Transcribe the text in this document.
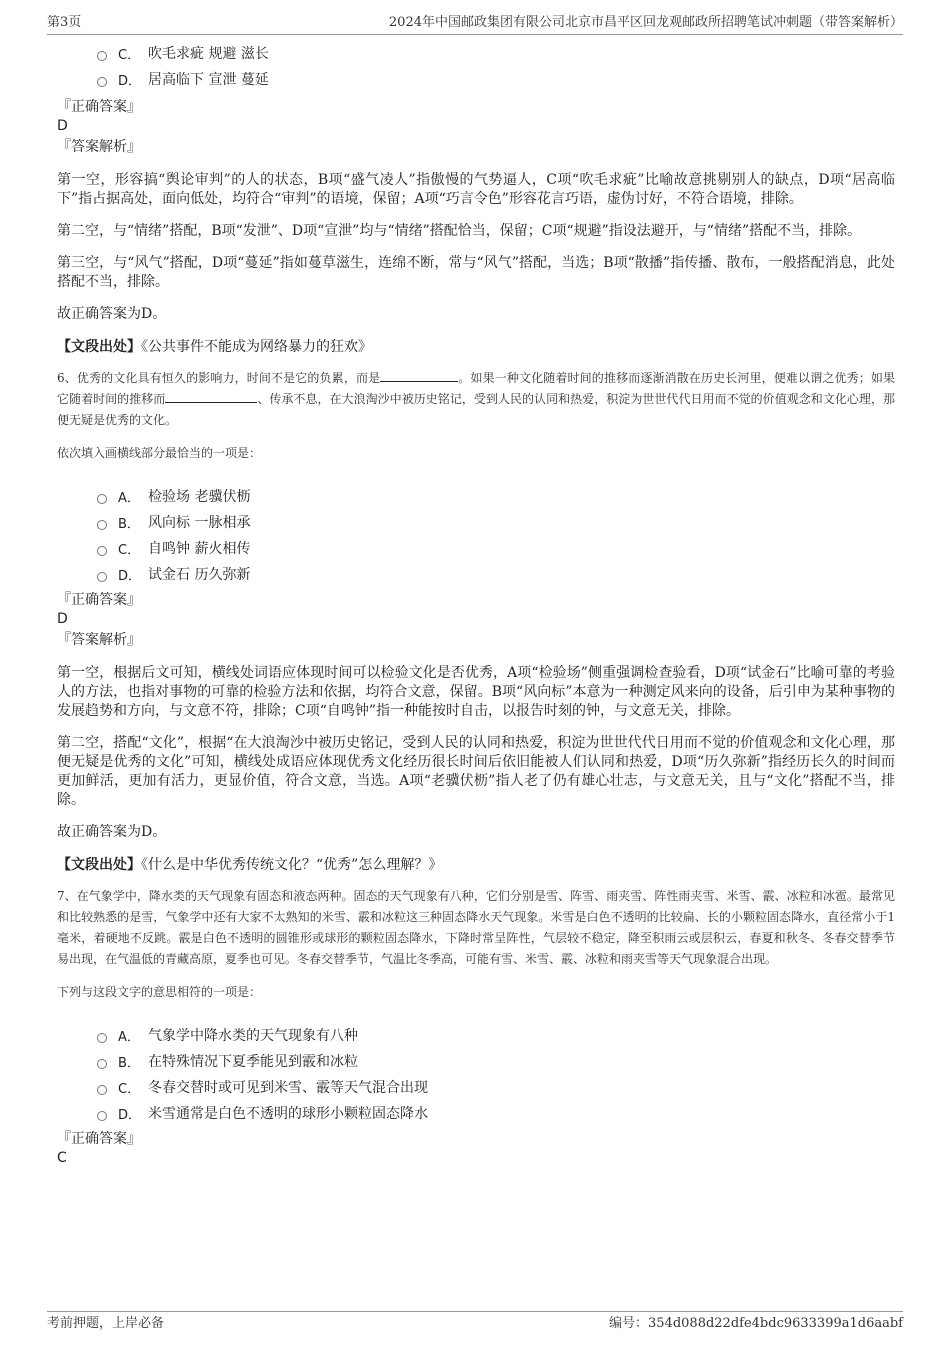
第3页	2024年中国邮政集团有限公司北京市昌平区回龙观邮政所招聘笔试冲刺题（带答案解析）
C． 吹毛求疵 规避 滋长
D． 居高临下 宣泄 蔓延
『正确答案』
D
『答案解析』
第一空，形容搞“舆论审判”的人的状态，B项“盛气凌人”指傲慢的气势逼人，C项“吹毛求疵”比喻故意挑剔别人的缺点，D项“居高临下”指占据高处，面向低处，均符合“审判”的语境，保留；A项“巧言令色”形容花言巧语，虚伪讨好，不符合语境，排除。
第二空，与“情绪”搭配，B项“发泄”、D项“宣泄”均与“情绪”搭配恰当，保留；C项“规避”指设法避开，与“情绪”搭配不当，排除。
第三空，与“风气”搭配，D项“蔓延”指如蔓草滋生，连绵不断，常与“风气”搭配，当选；B项“散播”指传播、散布，一般搭配消息，此处搭配不当，排除。
故正确答案为D。
【文段出处】《公共事件不能成为网络暴力的狂欢》
6、优秀的文化具有恒久的影响力，时间不是它的负累，而是	。如果一种文化随着时间的推移而逐渐消散在历史长河里，便难以谓之优秀；如果它随着时间的推移而	、传承不息，在大浪淘沙中被历史铭记，受到人民的认同和热爱，积淀为世世代代日用而不觉的价值观念和文化心理，那便无疑是优秀的文化。
依次填入画横线部分最恰当的一项是：
A． 检验场 老骥伏枥
B． 风向标 一脉相承
C． 自鸣钟 薪火相传
D． 试金石 历久弥新
『正确答案』
D
『答案解析』
第一空，根据后文可知，横线处词语应体现时间可以检验文化是否优秀，A项“检验场”侧重强调检查验看，D项“试金石”比喻可靠的考验人的方法，也指对事物的可靠的检验方法和依据，均符合文意，保留。B项“风向标”本意为一种测定风来向的设备，后引申为某种事物的发展趋势和方向，与文意不符，排除；C项“自鸣钟”指一种能按时自击，以报告时刻的钟，与文意无关，排除。
第二空，搭配“文化”，根据“在大浪淘沙中被历史铭记，受到人民的认同和热爱，积淀为世世代代日用而不觉的价值观念和文化心理，那便无疑是优秀的文化”可知，横线处成语应体现优秀文化经历很长时间后依旧能被人们认同和热爱，D项“历久弥新”指经历长久的时间而更加鲜活，更加有活力，更显价值，符合文意，当选。A项“老骥伏枥”指人老了仍有雄心壮志，与文意无关，且与“文化”搭配不当，排除。
故正确答案为D。
【文段出处】《什么是中华优秀传统文化？“优秀”怎么理解？》
7、在气象学中，降水类的天气现象有固态和液态两种。固态的天气现象有八种，它们分别是雪、阵雪、雨夹雪、阵性雨夹雪、米雪、霰、冰粒和冰雹。最常见和比较熟悉的是雪，气象学中还有大家不太熟知的米雪、霰和冰粒这三种固态降水天气现象。米雪是白色不透明的比较扁、长的小颗粒固态降水，直径常小于1毫米，着硬地不反跳。霰是白色不透明的圆锥形或球形的颗粒固态降水，下降时常呈阵性，气层较不稳定，降至积雨云或层积云，春夏和秋冬、冬春交替季节易出现，在气温低的青藏高原，夏季也可见。冬春交替季节，气温比冬季高，可能有雪、米雪、霰、冰粒和雨夹雪等天气现象混合出现。
下列与这段文字的意思相符的一项是：
A． 气象学中降水类的天气现象有八种
B． 在特殊情况下夏季能见到霰和冰粒
C． 冬春交替时或可见到米雪、霰等天气混合出现
D． 米雪通常是白色不透明的球形小颗粒固态降水
『正确答案』
C
考前押题，上岸必备	编号：354d088d22dfe4bdc9633399a1d6aabf
